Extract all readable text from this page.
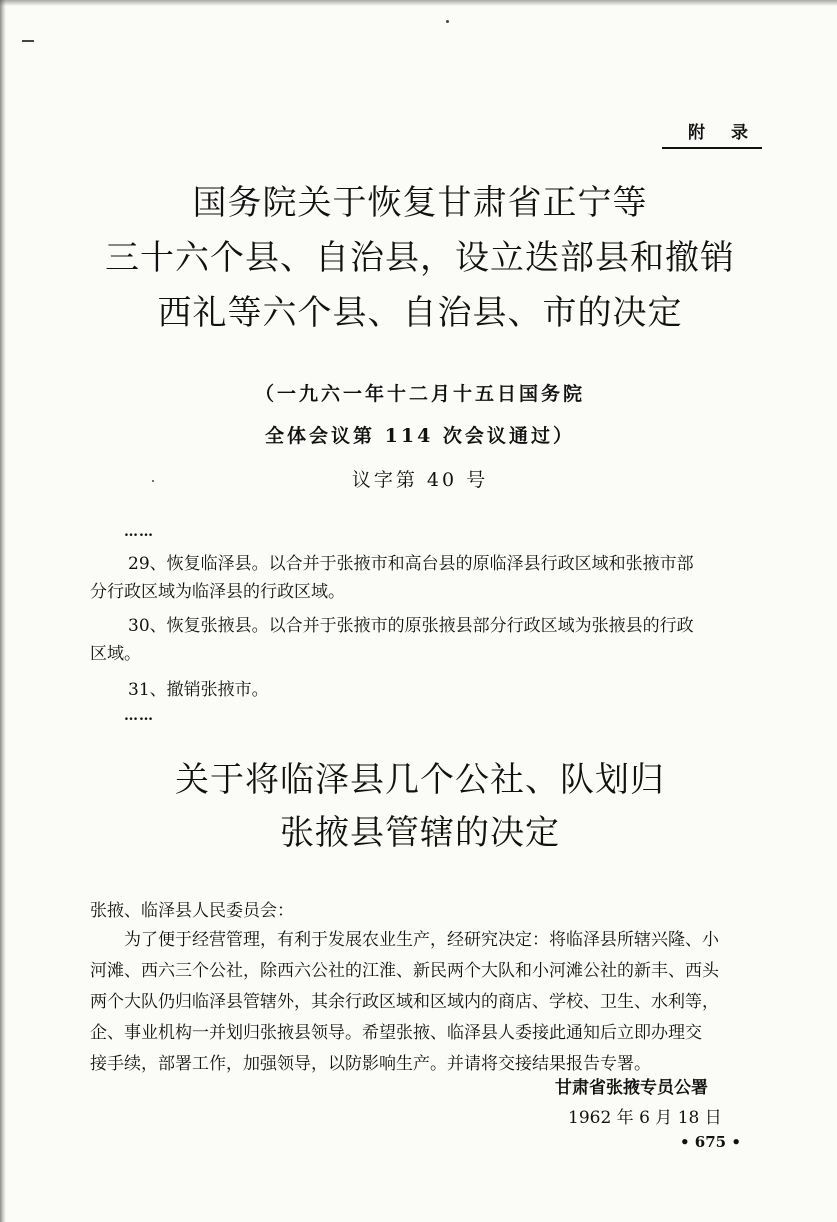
附录
国务院关于恢复甘肃省正宁等
三十六个县、自治县，设立迭部县和撤销
西礼等六个县、自治县、市的决定
（一九六一年十二月十五日国务院
全体会议第 114 次会议通过）
议字第 40 号
……
29、恢复临泽县。以合并于张掖市和高台县的原临泽县行政区域和张掖市部
分行政区域为临泽县的行政区域。
30、恢复张掖县。以合并于张掖市的原张掖县部分行政区域为张掖县的行政
区域。
31、撤销张掖市。
……
关于将临泽县几个公社、队划归
张掖县管辖的决定
张掖、临泽县人民委员会：
为了便于经营管理，有利于发展农业生产，经研究决定：将临泽县所辖兴隆、小
河滩、西六三个公社，除西六公社的江淮、新民两个大队和小河滩公社的新丰、西头
两个大队仍归临泽县管辖外，其余行政区域和区域内的商店、学校、卫生、水利等，
企、事业机构一并划归张掖县领导。希望张掖、临泽县人委接此通知后立即办理交
接手续，部署工作，加强领导，以防影响生产。并请将交接结果报告专署。
甘肃省张掖专员公署
1962 年 6 月 18 日
• 675 •
